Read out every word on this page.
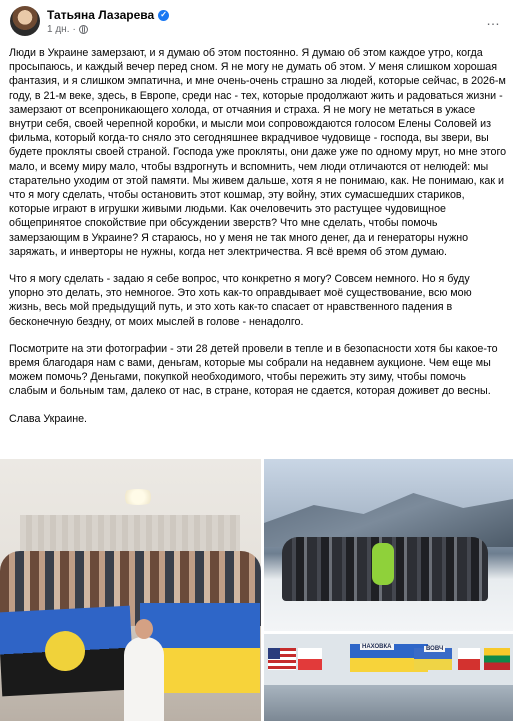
Татьяна Лазарева ✓
1 дн. ·
…

Люди в Украине замерзают, и я думаю об этом постоянно. Я думаю об этом каждое утро, когда просыпаюсь, и каждый вечер перед сном. Я не могу не думать об этом. У меня слишком хорошая фантазия, и я слишком эмпатична, и мне очень-очень страшно за людей, которые сейчас, в 2026-м году, в 21-м веке, здесь, в Европе, среди нас - тех, которые продолжают жить и радоваться жизни - замерзают от всепроникающего холода, от отчаяния и страха. Я не могу не метаться в ужасе внутри себя, своей черепной коробки, и мысли мои сопровождаются голосом Елены Соловей из фильма, который когда-то сняло это сегодняшнее вкрадчивое чудовище - господа, вы звери, вы будете прокляты своей страной. Господа уже прокляты, они даже уже по одному мрут, но мне этого мало, и всему миру мало, чтобы вздрогнуть и вспомнить, чем люди отличаются от нелюдей: мы старательно уходим от этой памяти. Мы живем дальше, хотя я не понимаю, как. Не понимаю, как и что я могу сделать, чтобы остановить этот кошмар, эту войну, этих сумасшедших стариков, которые играют в игрушки живыми людьми. Как очеловечить это растущее чудовищное общепринятое спокойствие при обсуждении зверств? Что мне сделать, чтобы помочь замерзающим в Украине? Я стараюсь, но у меня не так много денег, да и генераторы нужно заряжать, и инверторы не нужны, когда нет электричества. Я всё время об этом думаю.

Что я могу сделать - задаю я себе вопрос, что конкретно я могу? Совсем немного. Но я буду упорно это делать, это немногое. Это хоть как-то оправдывает моё существование, всю мою жизнь, весь мой предыдущий путь, и это хоть как-то спасает от нравственного падения в бесконечную бездну, от моих мыслей в голове - ненадолго.

Посмотрите на эти фотографии - эти 28 детей провели в тепле и в безопасности хотя бы какое-то время благодаря нам с вами, деньгам, которые мы собрали на недавнем аукционе. Чем еще мы можем помочь? Деньгами, покупкой необходимого, чтобы пережить эту зиму, чтобы помочь слабым и больным там, далеко от нас, в стране, которая не сдается, которая доживет до весны.

Слава Украине.

НАХОВКА	ВОВЧ
